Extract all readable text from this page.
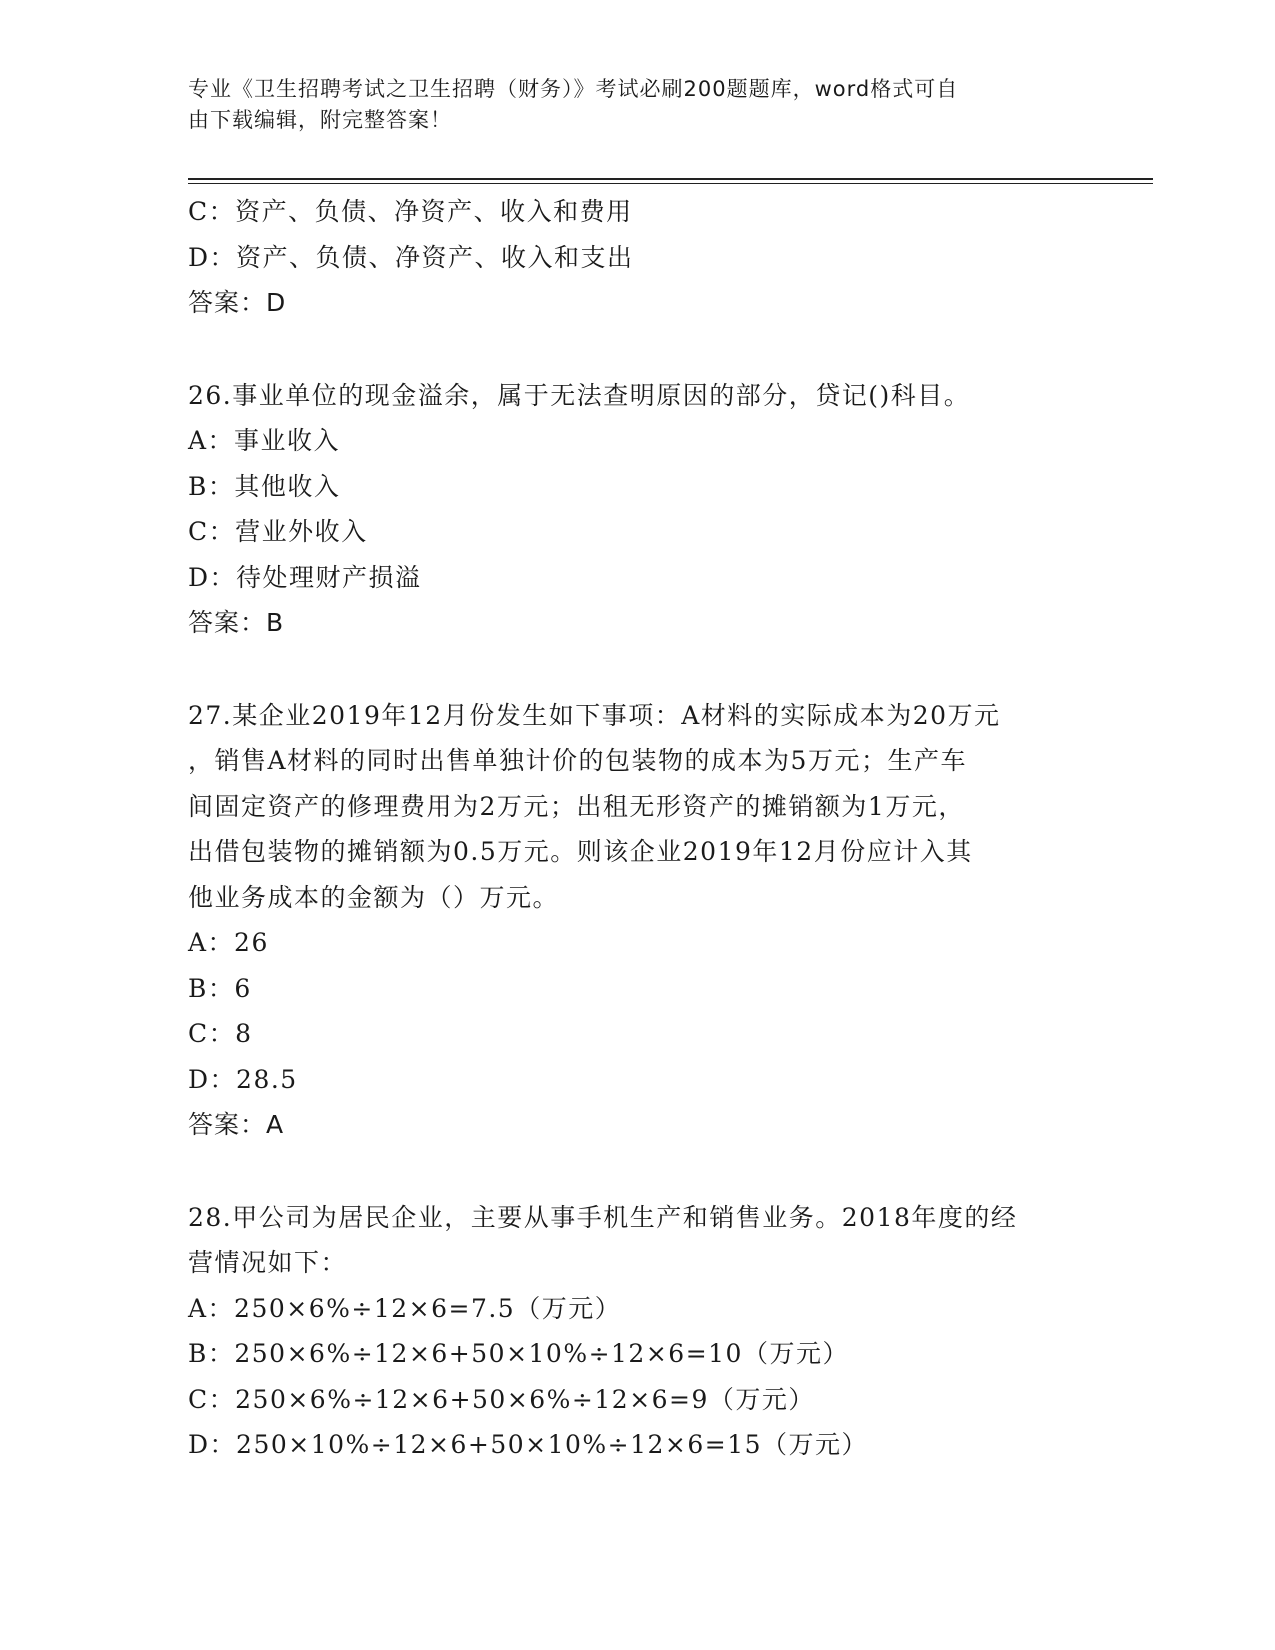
专业《卫生招聘考试之卫生招聘（财务）》考试必刷200题题库，word格式可自
由下载编辑，附完整答案！
C：资产、负债、净资产、收入和费用
D：资产、负债、净资产、收入和支出
答案：D
26.事业单位的现金溢余，属于无法查明原因的部分，贷记()科目。
A：事业收入
B：其他收入
C：营业外收入
D：待处理财产损溢
答案：B
27.某企业2019年12月份发生如下事项：A材料的实际成本为20万元
，销售A材料的同时出售单独计价的包装物的成本为5万元；生产车
间固定资产的修理费用为2万元；出租无形资产的摊销额为1万元，
出借包装物的摊销额为0.5万元。则该企业2019年12月份应计入其
他业务成本的金额为（）万元。
A：26
B：6
C：8
D：28.5
答案：A
28.甲公司为居民企业，主要从事手机生产和销售业务。2018年度的经
营情况如下：
A：250×6%÷12×6=7.5（万元）
B：250×6%÷12×6+50×10%÷12×6=10（万元）
C：250×6%÷12×6+50×6%÷12×6=9（万元）
D：250×10%÷12×6+50×10%÷12×6=15（万元）
